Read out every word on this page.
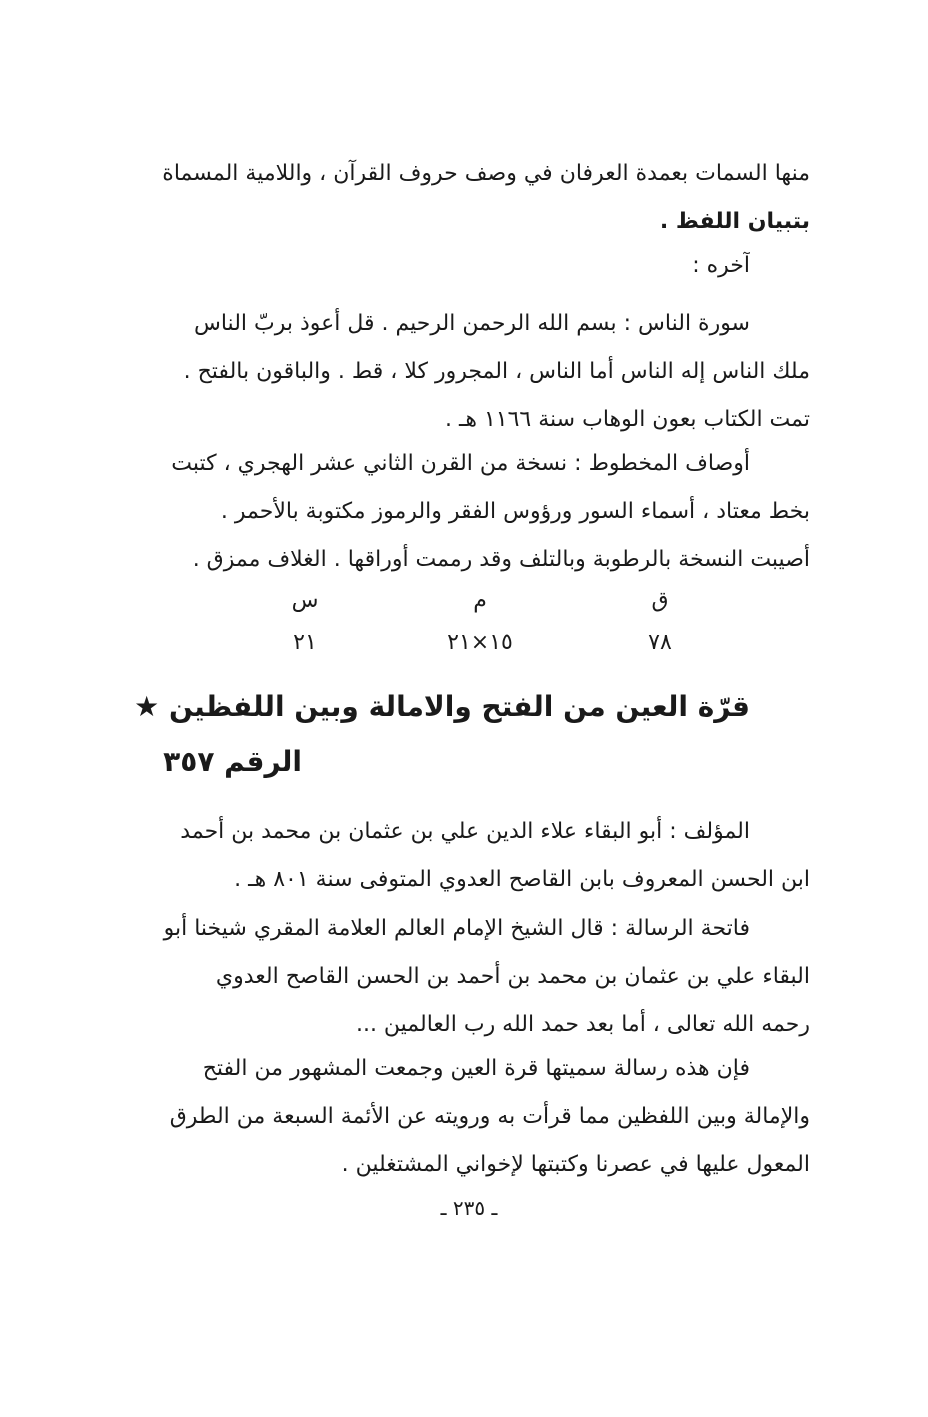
منها السمات بعمدة العرفان في وصف حروف القرآن ، واللامية المسماة
بتبيان اللفظ .
آخره :
سورة الناس : بسم الله الرحمن الرحيم . قل أعوذ بربّ الناس
ملك الناس إله الناس أما الناس ، المجرور كلا ، قط . والباقون بالفتح .
تمت الكتاب بعون الوهاب سنة ١١٦٦ هـ .
أوصاف المخطوط : نسخة من القرن الثاني عشر الهجري ، كتبت
بخط معتاد ، أسماء السور ورؤوس الفقر والرموز مكتوبة بالأحمر .
أصيبت النسخة بالرطوبة وبالتلف وقد رممت أوراقها . الغلاف ممزق .
ق
م
س
٧٨
١٥×٢١
٢١
قرّة العين من الفتح والامالة وبين اللفظين ★
الرقم ٣٥٧
المؤلف : أبو البقاء علاء الدين علي بن عثمان بن محمد بن أحمد
ابن الحسن المعروف بابن القاصح العدوي المتوفى سنة ٨٠١ هـ .
فاتحة الرسالة : قال الشيخ الإمام العالم العلامة المقري شيخنا أبو
البقاء علي بن عثمان بن محمد بن أحمد بن الحسن القاصح العدوي
رحمه الله تعالى ، أما بعد حمد الله رب العالمين ...
فإن هذه رسالة سميتها قرة العين وجمعت المشهور من الفتح
والإمالة وبين اللفظين مما قرأت به ورويته عن الأئمة السبعة من الطرق
المعول عليها في عصرنا وكتبتها لإخواني المشتغلين .
ـ ٢٣٥ ـ
